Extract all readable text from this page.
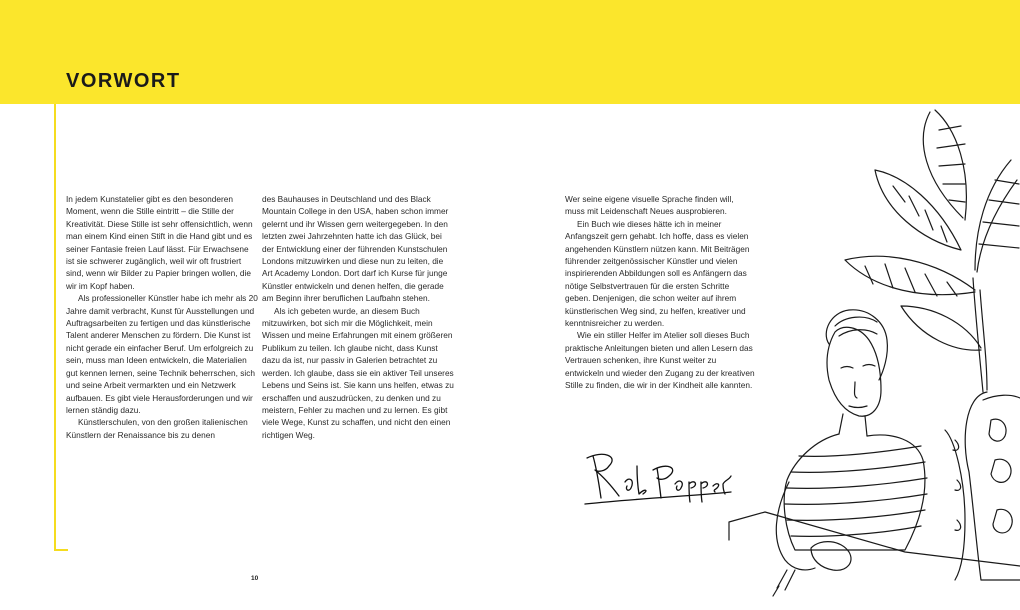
VORWORT

In jedem Kunstatelier gibt es den besonderen Moment, wenn die Stille eintritt – die Stille der Kreativität. Diese Stille ist sehr offensichtlich, wenn man einem Kind einen Stift in die Hand gibt und es seiner Fantasie freien Lauf lässt. Für Erwachsene ist sie schwerer zugänglich, weil wir oft frustriert sind, wenn wir Bilder zu Papier bringen wollen, die wir im Kopf haben.

Als professioneller Künstler habe ich mehr als 20 Jahre damit verbracht, Kunst für Ausstellungen und Auftragsarbeiten zu fertigen und das künstlerische Talent anderer Menschen zu fördern. Die Kunst ist nicht gerade ein einfacher Beruf. Um erfolgreich zu sein, muss man Ideen entwickeln, die Materialien gut kennen lernen, seine Technik beherrschen, sich und seine Arbeit vermarkten und ein Netzwerk aufbauen. Es gibt viele Herausforderungen und wir lernen ständig dazu.

Künstlerschulen, von den großen italienischen Künstlern der Renaissance bis zu denen

des Bauhauses in Deutschland und des Black Mountain College in den USA, haben schon immer gelernt und ihr Wissen gern weitergegeben. In den letzten zwei Jahrzehnten hatte ich das Glück, bei der Entwicklung einer der führenden Kunstschulen Londons mitzuwirken und diese nun zu leiten, die Art Academy London. Dort darf ich Kurse für junge Künstler entwickeln und denen helfen, die gerade am Beginn ihrer beruflichen Laufbahn stehen.

Als ich gebeten wurde, an diesem Buch mitzuwirken, bot sich mir die Möglichkeit, mein Wissen und meine Erfahrungen mit einem größeren Publikum zu teilen. Ich glaube nicht, dass Kunst dazu da ist, nur passiv in Galerien betrachtet zu werden. Ich glaube, dass sie ein aktiver Teil unseres Lebens und Seins ist. Sie kann uns helfen, etwas zu erschaffen und auszudrücken, zu denken und zu meistern, Fehler zu machen und zu lernen. Es gibt viele Wege, Kunst zu schaffen, und nicht den einen richtigen Weg.

Wer seine eigene visuelle Sprache finden will, muss mit Leidenschaft Neues ausprobieren.

Ein Buch wie dieses hätte ich in meiner Anfangszeit gern gehabt. Ich hoffe, dass es vielen angehenden Künstlern nützen kann. Mit Beiträgen führender zeitgenössischer Künstler und vielen inspirierenden Abbildungen soll es Anfängern das nötige Selbstvertrauen für die ersten Schritte geben. Denjenigen, die schon weiter auf ihrem künstlerischen Weg sind, zu helfen, kreativer und kenntnisreicher zu werden.

Wie ein stiller Helfer im Atelier soll dieses Buch praktische Anleitungen bieten und allen Lesern das Vertrauen schenken, ihre Kunst weiter zu entwickeln und wieder den Zugang zu der kreativen Stille zu finden, die wir in der Kindheit alle kannten.

10
